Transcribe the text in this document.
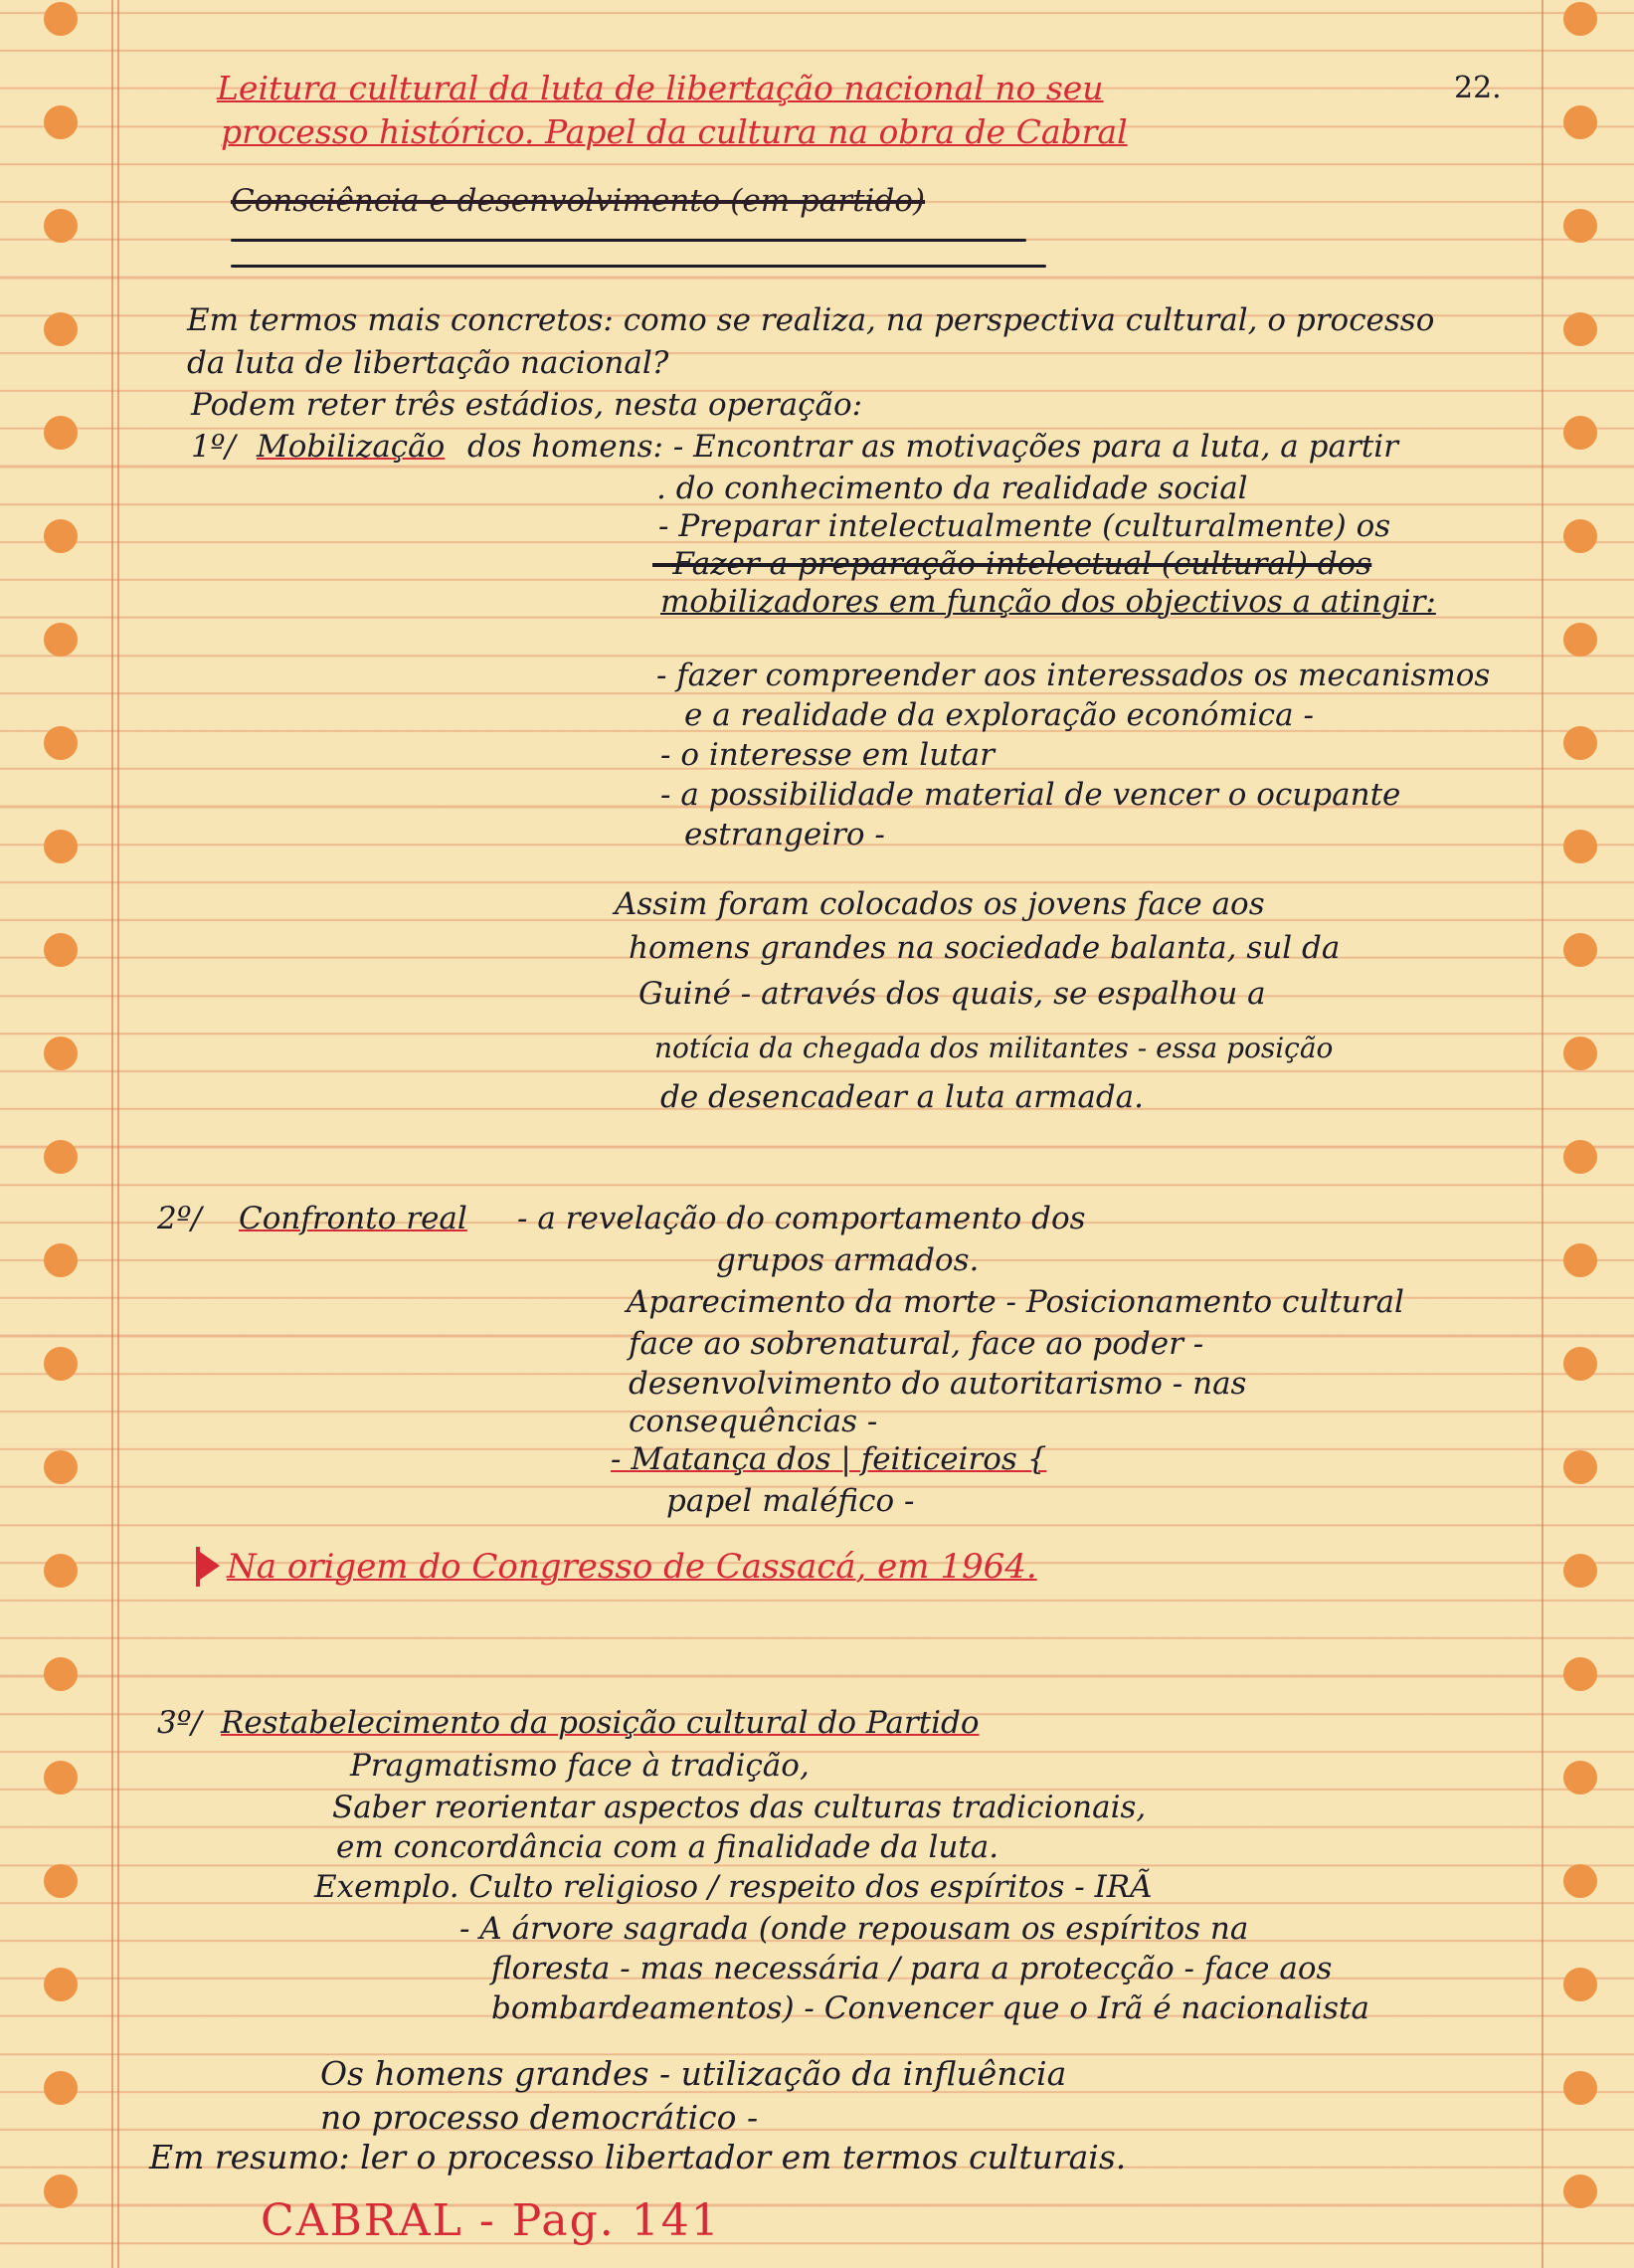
22.
Leitura cultural da luta de libertação nacional no seu
processo histórico. Papel da cultura na obra de Cabral
Consciência e desenvolvimento (em partido)
Em termos mais concretos: como se realiza, na perspectiva cultural, o processo
da luta de libertação nacional?
Podem reter três estádios, nesta operação:
1º/ Mobilização dos homens: - Encontrar as motivações para a luta, a partir
. do conhecimento da realidade social
- Preparar intelectualmente (culturalmente) os
- Fazer a preparação intelectual (cultural) dos
mobilizadores em função dos objectivos a atingir:
- fazer compreender aos interessados os mecanismos
e a realidade da exploração económica -
- o interesse em lutar
- a possibilidade material de vencer o ocupante
estrangeiro -
Assim foram colocados os jovens face aos
homens grandes na sociedade balanta, sul da
Guiné - através dos quais, se espalhou a
notícia da chegada dos militantes - essa posição
de desencadear a luta armada.
2º/ Confronto real - a revelação do comportamento dos
grupos armados.
Aparecimento da morte - Posicionamento cultural
face ao sobrenatural, face ao poder -
desenvolvimento do autoritarismo - nas
consequências -
- Matança dos | feiticeiros {
papel maléfico -
Na origem do Congresso de Cassacá, em 1964.
3º/ Restabelecimento da posição cultural do Partido
Pragmatismo face à tradição,
Saber reorientar aspectos das culturas tradicionais,
em concordância com a finalidade da luta.
Exemplo. Culto religioso / respeito dos espíritos - IRÃ
- A árvore sagrada (onde repousam os espíritos na
floresta - mas necessária / para a protecção - face aos
bombardeamentos) - Convencer que o Irã é nacionalista
Os homens grandes - utilização da influência
no processo democrático -
Em resumo: ler o processo libertador em termos culturais.
CABRAL - Pag. 141
